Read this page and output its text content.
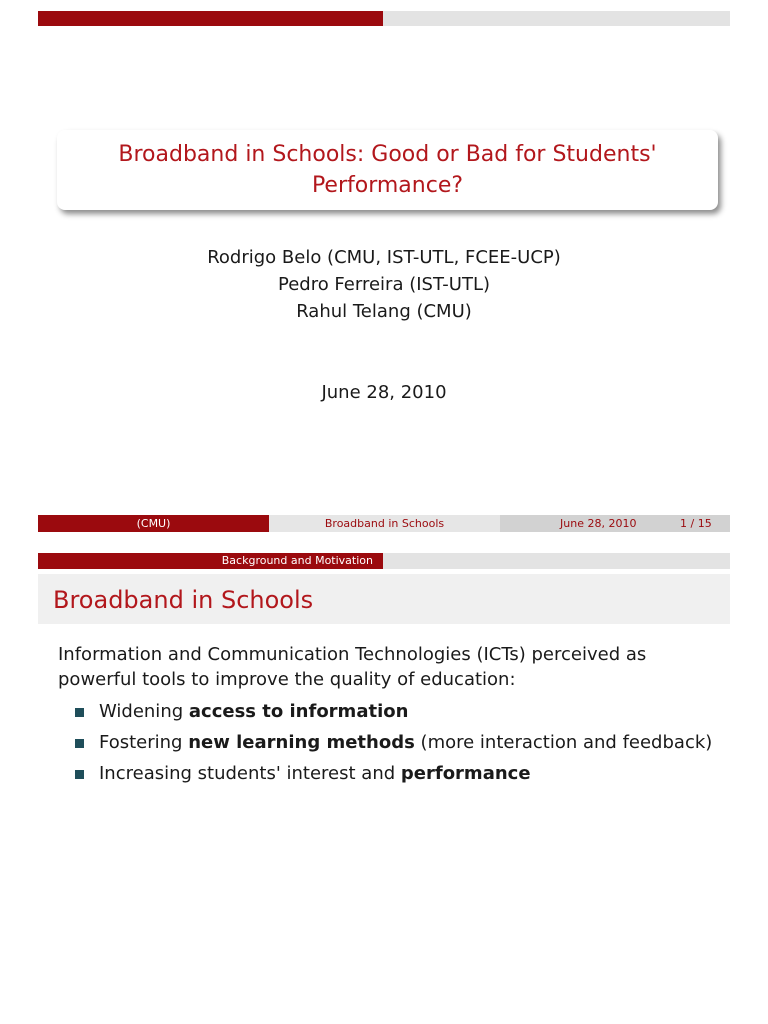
Broadband in Schools: Good or Bad for Students' Performance?
Rodrigo Belo (CMU, IST-UTL, FCEE-UCP)
Pedro Ferreira (IST-UTL)
Rahul Telang (CMU)
June 28, 2010
(CMU)	Broadband in Schools	June 28, 2010	1 / 15
Background and Motivation
Broadband in Schools
Information and Communication Technologies (ICTs) perceived as powerful tools to improve the quality of education:
Widening access to information
Fostering new learning methods (more interaction and feedback)
Increasing students' interest and performance
